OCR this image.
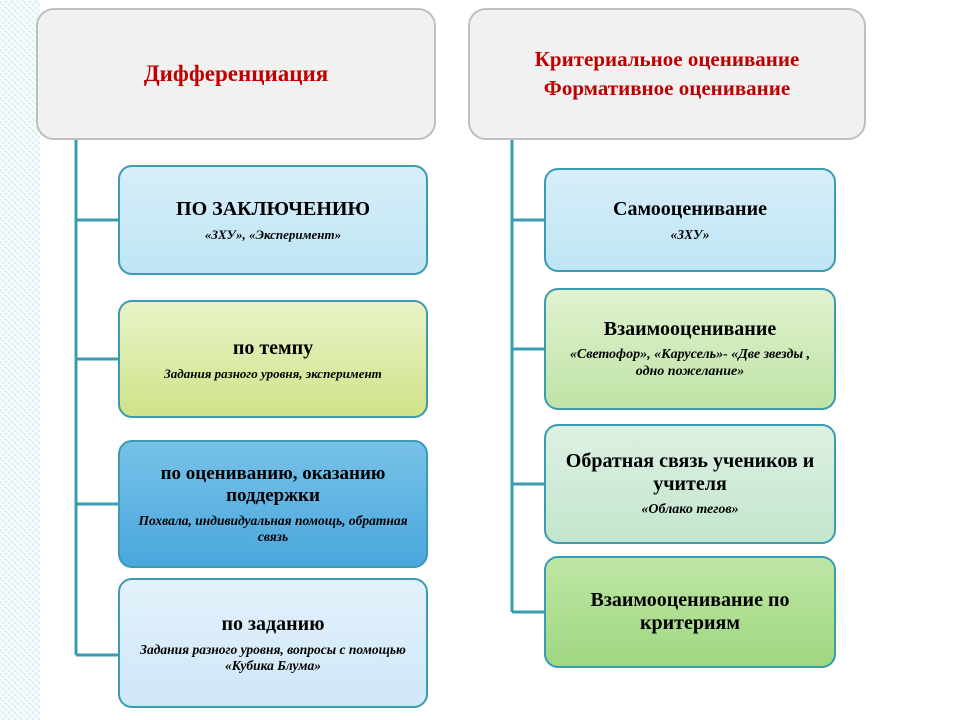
Дифференциация
Критериальное оценивание
Формативное оценивание
ПО ЗАКЛЮЧЕНИЮ
«ЗХУ», «Эксперимент»
по темпу
Задания разного уровня, эксперимент
по оцениванию, оказанию поддержки
Похвала, индивидуальная помощь, обратная связь
по заданию
Задания разного уровня, вопросы с помощью «Кубика Блума»
Самооценивание
«ЗХУ»
Взаимооценивание
«Светофор», «Карусель»- «Две звезды , одно пожелание»
Обратная связь учеников и учителя
«Облако тегов»
Взаимооценивание по критериям
